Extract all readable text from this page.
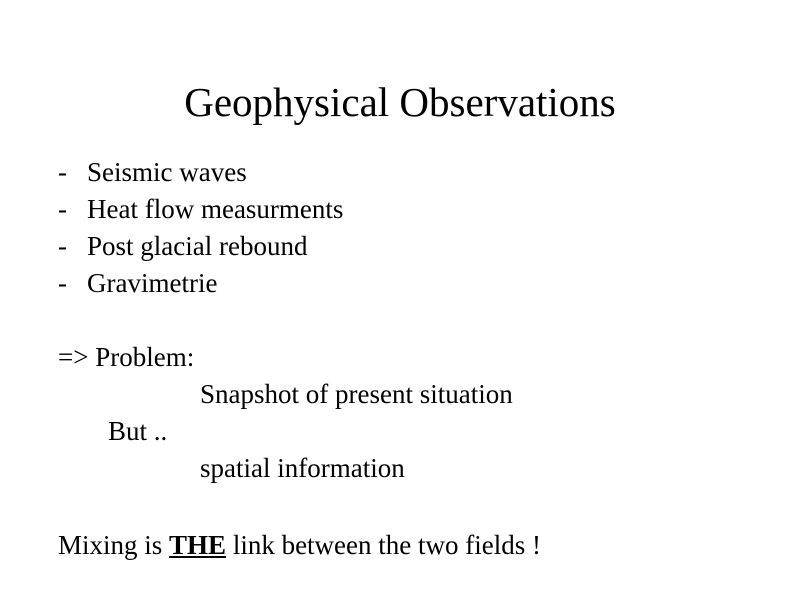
Geophysical Observations
- Seismic waves
- Heat flow measurments
- Post glacial rebound
- Gravimetrie
=> Problem:
Snapshot of present situation
But ..
spatial information
Mixing is THE link between the two fields !
